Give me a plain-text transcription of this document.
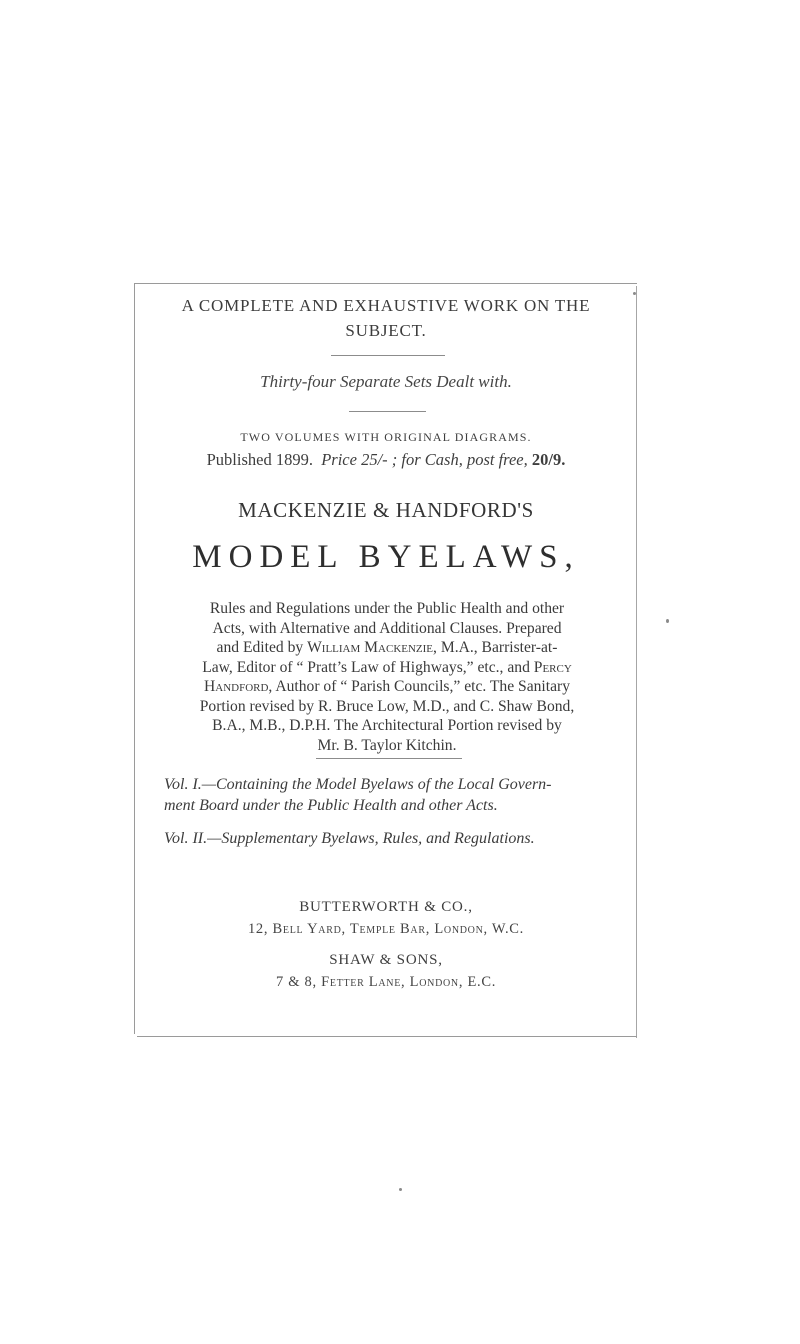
A COMPLETE AND EXHAUSTIVE WORK ON THE
SUBJECT.
Thirty-four Separate Sets Dealt with.
TWO VOLUMES WITH ORIGINAL DIAGRAMS.
Published 1899. Price 25/- ; for Cash, post free, 20/9.
MACKENZIE & HANDFORD'S
MODEL BYELAWS,
Rules and Regulations under the Public Health and other
Acts, with Alternative and Additional Clauses. Prepared
and Edited by William Mackenzie, M.A., Barrister-at-
Law, Editor of “ Pratt’s Law of Highways,” etc., and Percy
Handford, Author of “ Parish Councils,” etc. The Sanitary
Portion revised by R. Bruce Low, M.D., and C. Shaw Bond,
B.A., M.B., D.P.H. The Architectural Portion revised by
Mr. B. Taylor Kitchin.
Vol. I.—Containing the Model Byelaws of the Local Govern-
ment Board under the Public Health and other Acts.
Vol. II.—Supplementary Byelaws, Rules, and Regulations.
BUTTERWORTH & CO.,
12, Bell Yard, Temple Bar, London, W.C.
SHAW & SONS,
7 & 8, Fetter Lane, London, E.C.
